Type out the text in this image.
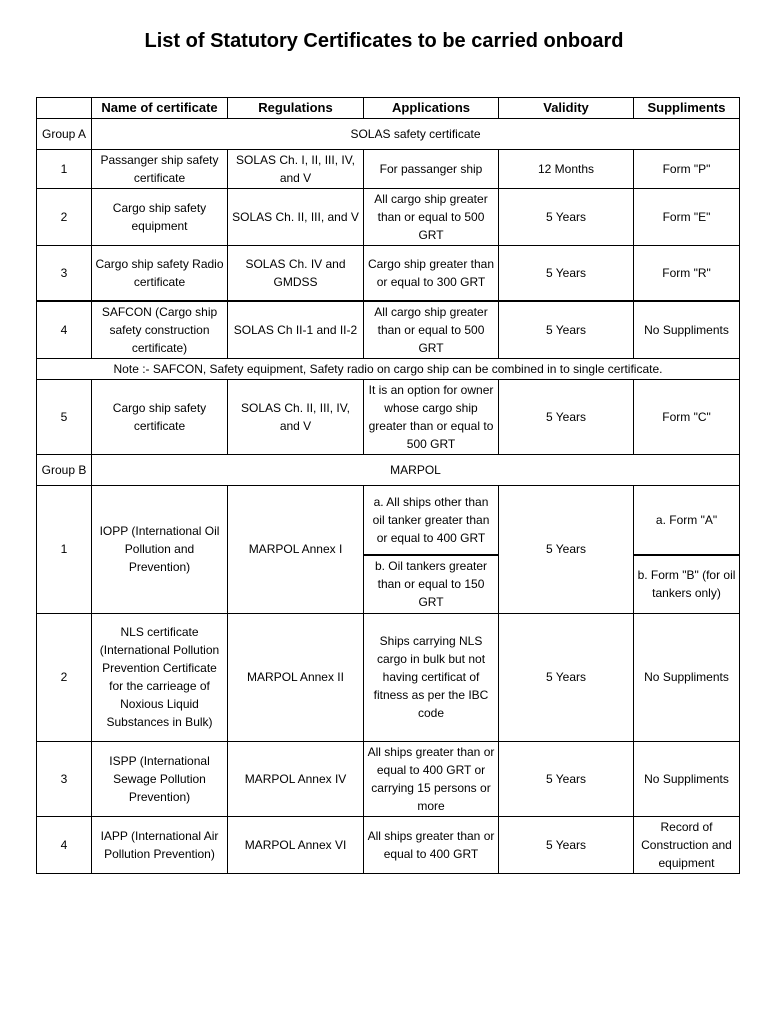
List of Statutory Certificates to be carried onboard
	Name of certificate	Regulations	Applications	Validity	Suppliments
Group A	SOLAS safety certificate				
1	Passanger ship safety certificate	SOLAS Ch. I, II, III, IV, and V	For passanger ship	12 Months	Form "P"
2	Cargo ship safety equipment	SOLAS Ch. II, III, and V	All cargo ship greater than or equal to 500 GRT	5 Years	Form "E"
3	Cargo ship safety Radio certificate	SOLAS Ch. IV and GMDSS	Cargo ship greater than or equal to 300 GRT	5 Years	Form "R"
4	SAFCON (Cargo ship safety construction certificate)	SOLAS Ch II-1 and II-2	All cargo ship greater than or equal to 500 GRT	5 Years	No Suppliments
Note :- SAFCON, Safety equipment, Safety radio on cargo ship can be combined in to single certificate.					
5	Cargo ship safety certificate	SOLAS Ch. II, III, IV, and V	It is an option for owner whose cargo ship greater than or equal to 500 GRT	5 Years	Form "C"
Group B	MARPOL				
1	IOPP (International Oil Pollution and Prevention)	MARPOL Annex I	a. All ships other than oil tanker greater than or equal to 400 GRT	5 Years	a. Form "A"
			b. Oil tankers greater than or equal to 150 GRT		b. Form "B" (for oil tankers only)
2	NLS certificate (International Pollution Prevention Certificate for the carrieage of Noxious Liquid Substances in Bulk)	MARPOL Annex II	Ships carrying NLS cargo in bulk but not having certificat of fitness as per the IBC code	5 Years	No Suppliments
3	ISPP (International Sewage Pollution Prevention)	MARPOL Annex IV	All ships greater than or equal to 400 GRT or carrying 15 persons or more	5 Years	No Suppliments
4	IAPP (International Air Pollution Prevention)	MARPOL Annex VI	All ships greater than or equal to 400 GRT	5 Years	Record of Construction and equipment
